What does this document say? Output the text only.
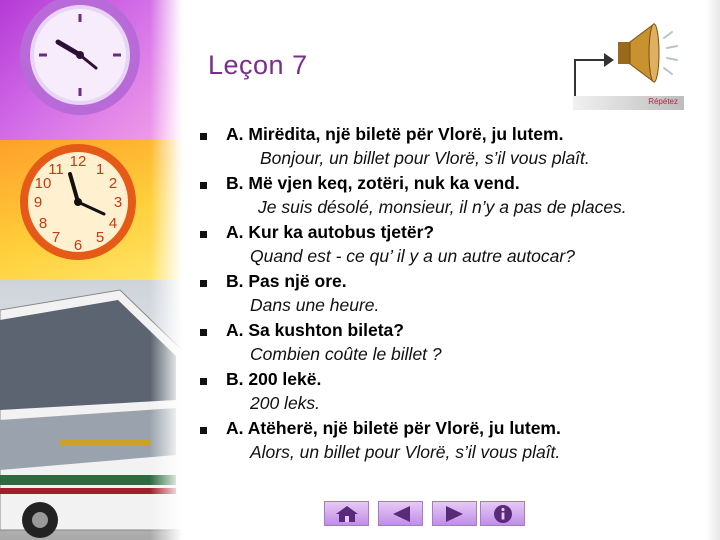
12
3
6
9
1
2
4
5
7
8
10
11
Leçon 7
Répétez
A. Mirëdita, një biletë për Vlorë, ju lutem.
Bonjour, un billet pour Vlorë, s’il vous plaît.
B. Më vjen keq, zotëri, nuk ka vend.
Je suis désolé, monsieur, il n’y a pas de places.
A. Kur ka autobus tjetër?
Quand est - ce qu’ il y a un autre autocar?
B. Pas një ore.
Dans une heure.
A. Sa kushton bileta?
Combien coûte le billet ?
B. 200 lekë.
200 leks.
A. Atëherë, një biletë për Vlorë, ju lutem.
Alors, un billet pour Vlorë, s’il vous plaît.
